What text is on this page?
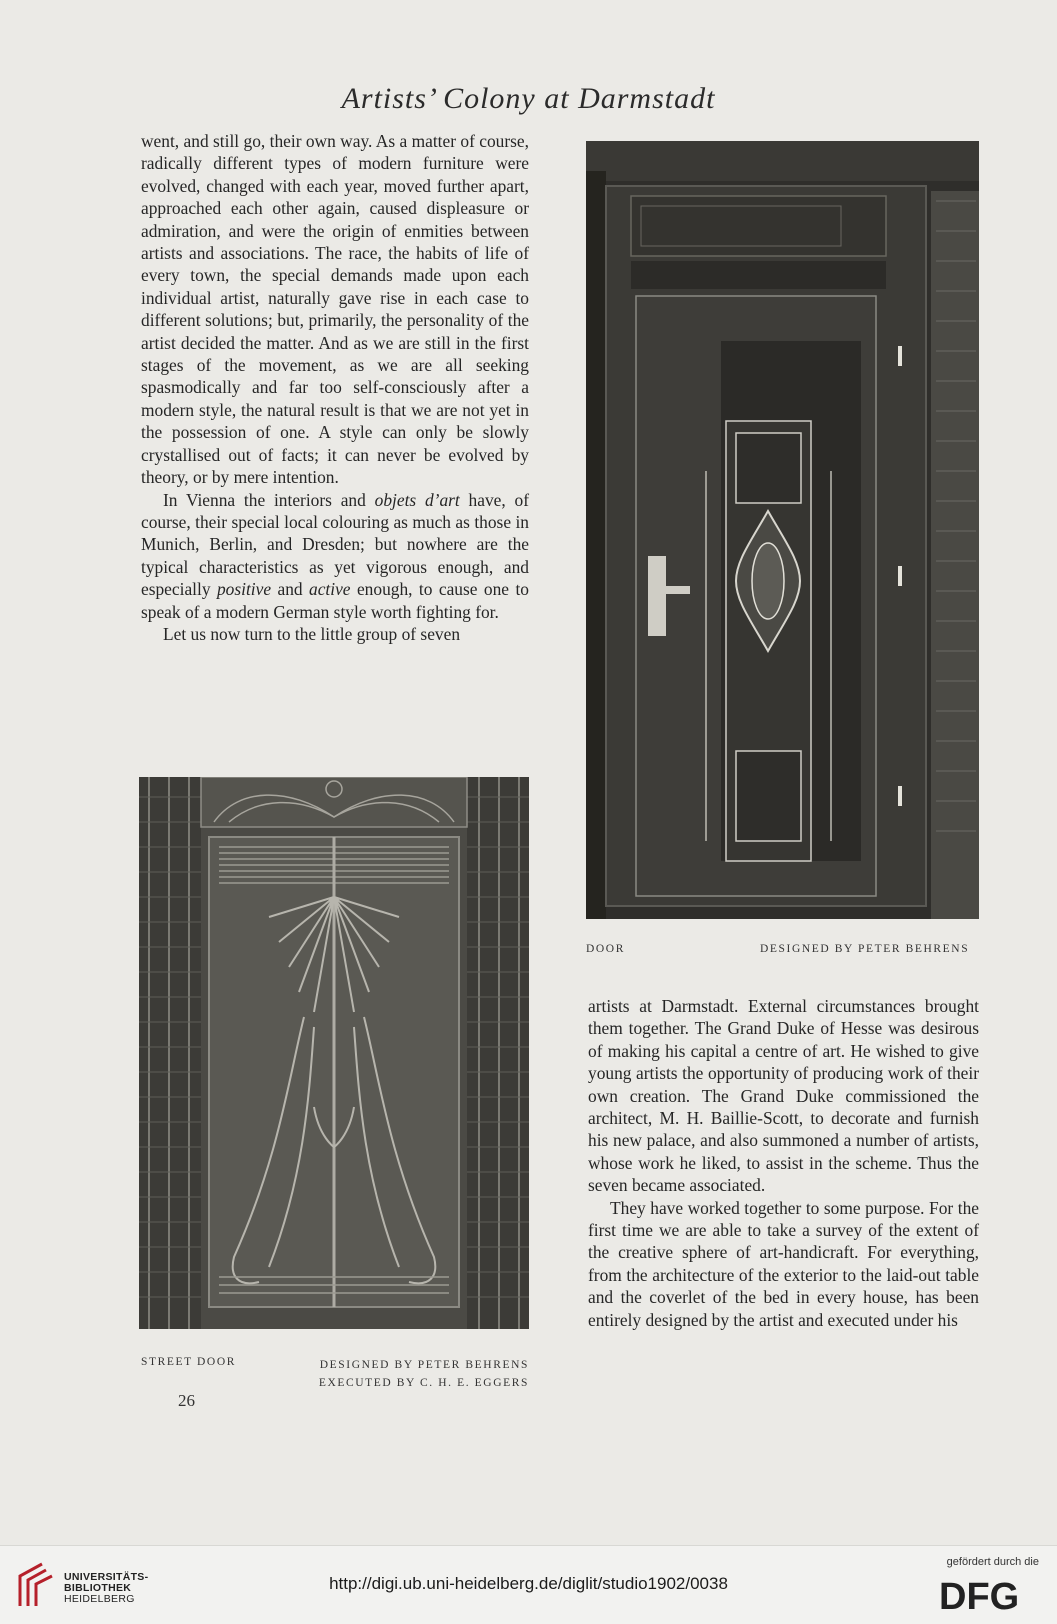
Artists’ Colony at Darmstadt

went, and still go, their own way. As a matter of course, radically different types of modern furniture were evolved, changed with each year, moved further apart, approached each other again, caused displeasure or admiration, and were the origin of enmities between artists and associations. The race, the habits of life of every town, the special demands made upon each individual artist, naturally gave rise in each case to different solutions; but, primarily, the personality of the artist decided the matter. And as we are still in the first stages of the movement, as we are all seeking spasmodically and far too self-consciously after a modern style, the natural result is that we are not yet in the possession of one. A style can only be slowly crystallised out of facts; it can never be evolved by theory, or by mere intention.

In Vienna the interiors and objets d’art have, of course, their special local colouring as much as those in Munich, Berlin, and Dresden; but nowhere are the typical characteristics as yet vigorous enough, and especially positive and active enough, to cause one to speak of a modern German style worth fighting for.

Let us now turn to the little group of seven

DOOR	DESIGNED BY PETER BEHRENS

artists at Darmstadt. External circumstances brought them together. The Grand Duke of Hesse was desirous of making his capital a centre of art. He wished to give young artists the opportunity of producing work of their own creation. The Grand Duke commissioned the architect, M. H. Baillie-Scott, to decorate and furnish his new palace, and also summoned a number of artists, whose work he liked, to assist in the scheme. Thus the seven became associated.

They have worked together to some purpose. For the first time we are able to take a survey of the extent of the creative sphere of art-handicraft. For everything, from the architecture of the exterior to the laid-out table and the coverlet of the bed in every house, has been entirely designed by the artist and executed under his

STREET DOOR	DESIGNED BY PETER BEHRENS
EXECUTED BY C. H. E. EGGERS
26
UNIVERSITÄTS-
BIBLIOTHEK
HEIDELBERG
http://digi.ub.uni-heidelberg.de/diglit/studio1902/0038
gefördert durch die
DFG
